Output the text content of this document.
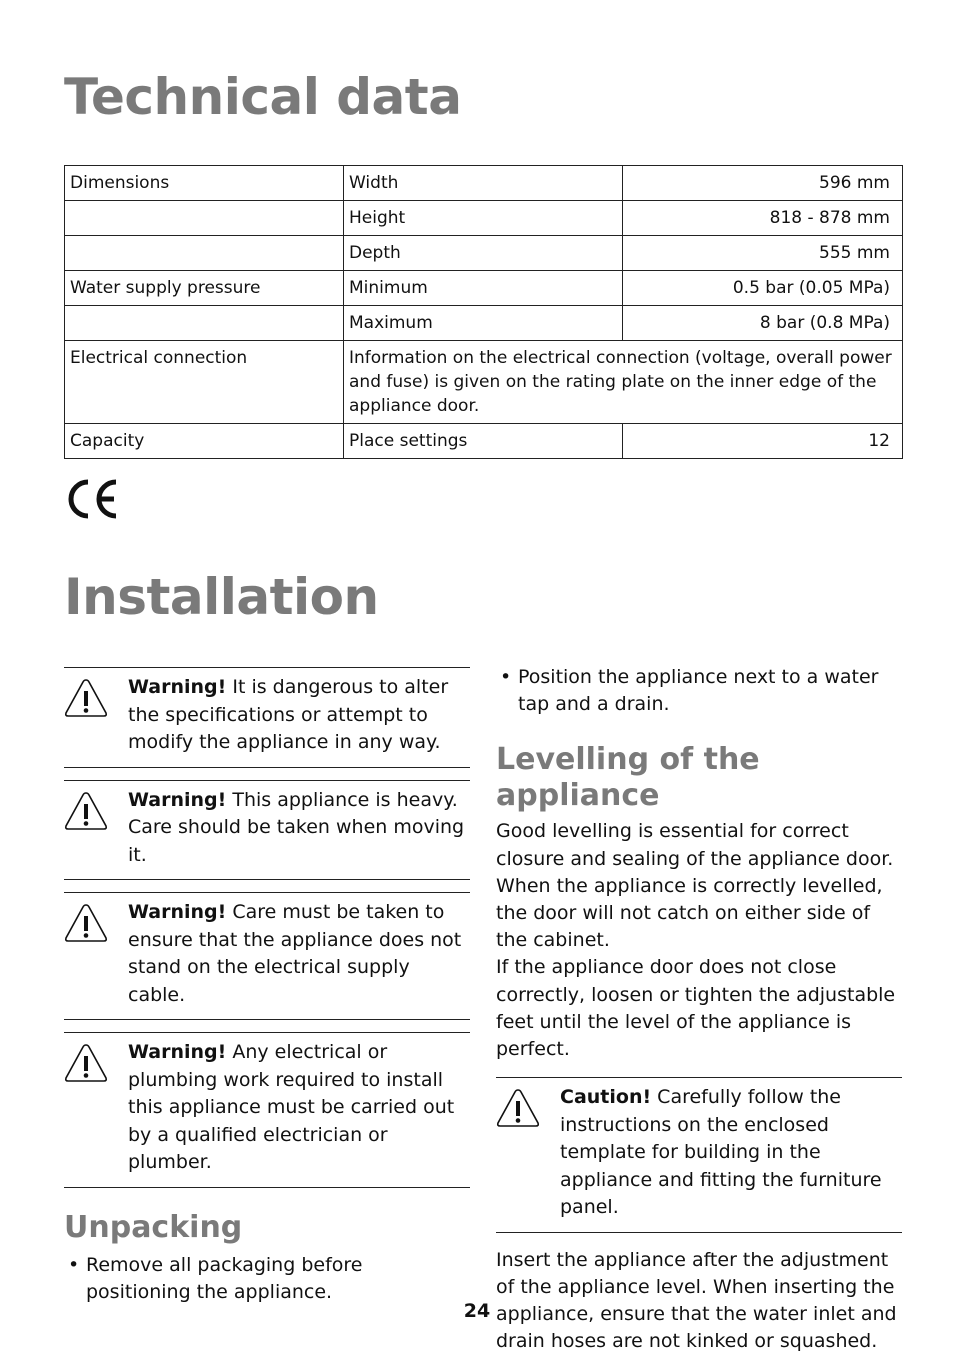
Technical data
Dimensions	Width	596 mm
	Height	818 - 878 mm
	Depth	555 mm
Water supply pressure	Minimum	0.5 bar (0.05 MPa)
	Maximum	8 bar (0.8 MPa)
Electrical connection	Information on the electrical connection (voltage, overall power and fuse) is given on the rating plate on the inner edge of the appliance door.	
Capacity	Place settings	12
Installation
Warning! It is dangerous to alter the specifications or attempt to modify the appliance in any way.
Warning! This appliance is heavy. Care should be taken when moving it.
Warning! Care must be taken to ensure that the appliance does not stand on the electrical supply cable.
Warning! Any electrical or plumbing work required to install this appliance must be carried out by a qualified electrician or plumber.
Unpacking
• Remove all packaging before positioning the appliance.
• Position the appliance next to a water tap and a drain.
Levelling of the appliance

Good levelling is essential for correct closure and sealing of the appliance door.

When the appliance is correctly levelled, the door will not catch on either side of the cabinet.

If the appliance door does not close correctly, loosen or tighten the adjustable feet until the level of the appliance is perfect.

Caution! Carefully follow the instructions on the enclosed template for building in the appliance and fitting the furniture panel.

Insert the appliance after the adjustment of the appliance level. When inserting the appliance, ensure that the water inlet and drain hoses are not kinked or squashed.

24
